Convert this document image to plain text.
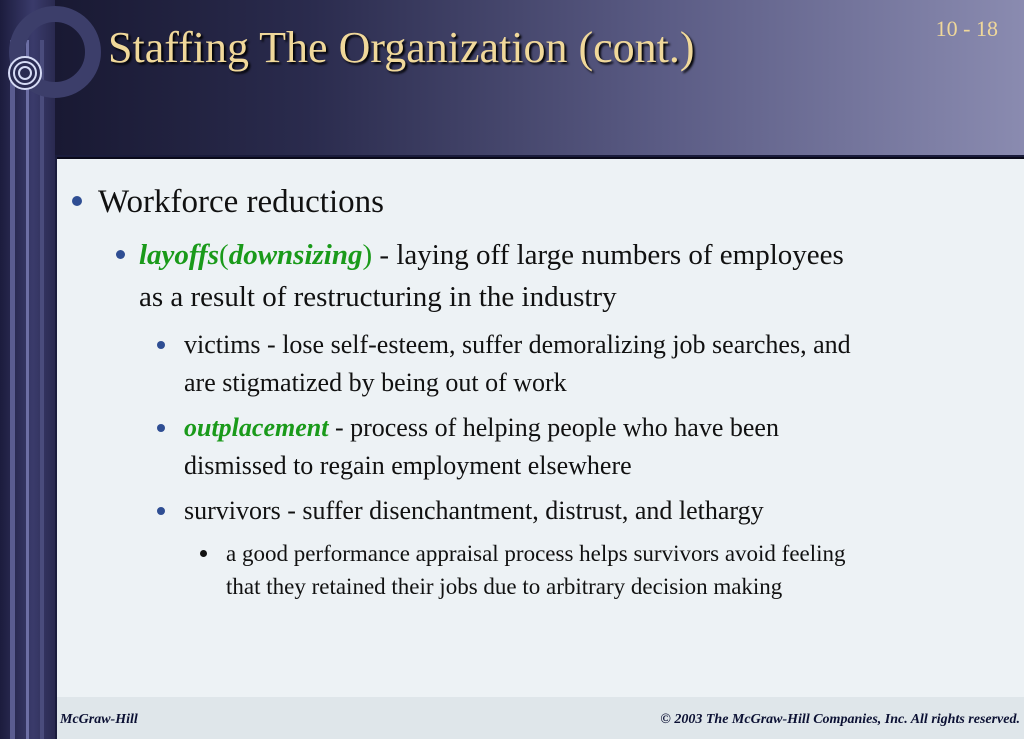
Staffing The Organization (cont.)	10 - 18
Workforce reductions
layoffs(downsizing) - laying off large numbers of employees
as a result of restructuring in the industry
victims - lose self-esteem, suffer demoralizing job searches, and
are stigmatized by being out of work
outplacement - process of helping people who have been
dismissed to regain employment elsewhere
survivors - suffer disenchantment, distrust, and lethargy
a good performance appraisal process helps survivors avoid feeling
that they retained their jobs due to arbitrary decision making
McGraw-Hill	© 2003 The McGraw-Hill Companies, Inc. All rights reserved.
